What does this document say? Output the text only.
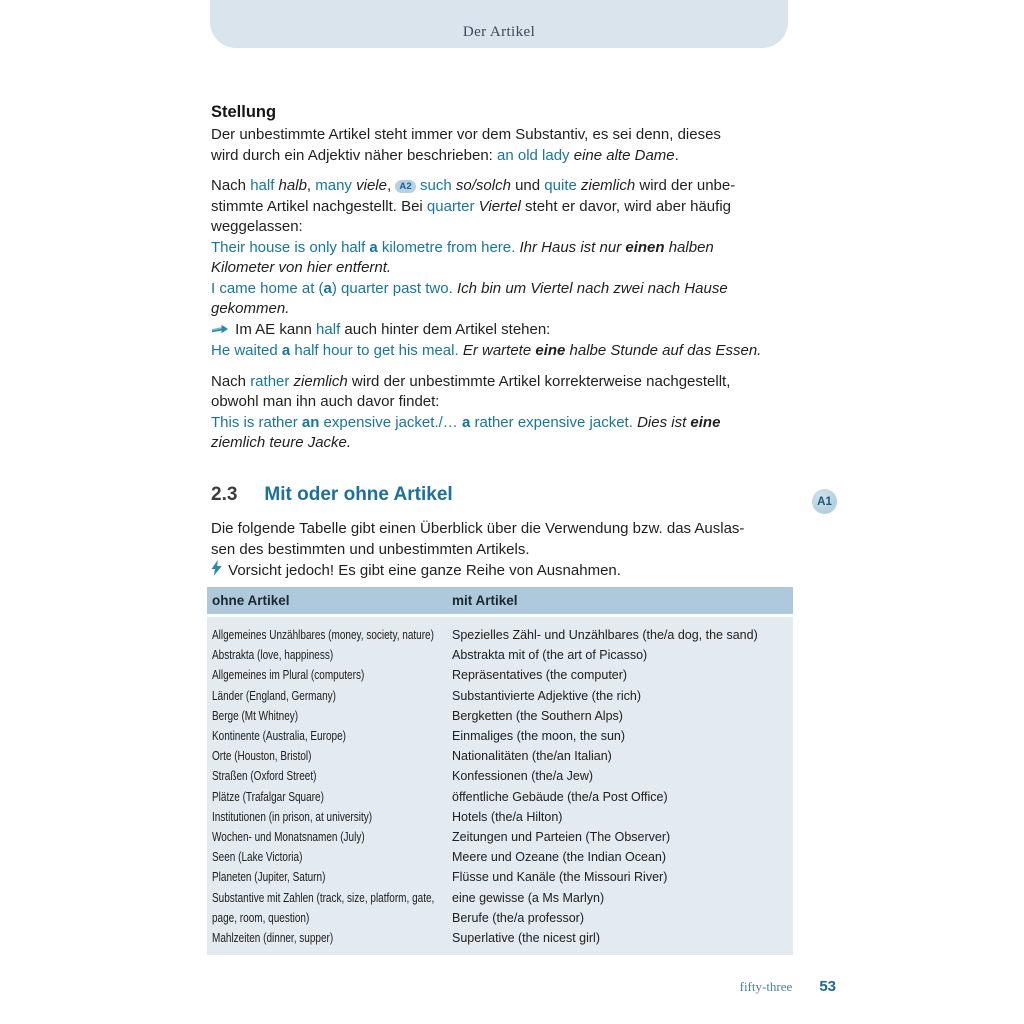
Der Artikel
Stellung
Der unbestimmte Artikel steht immer vor dem Substantiv, es sei denn, dieses
wird durch ein Adjektiv näher beschrieben: an old lady eine alte Dame.
Nach half halb, many viele, A2 such so/solch und quite ziemlich wird der unbe-
stimmte Artikel nachgestellt. Bei quarter Viertel steht er davor, wird aber häufig
weggelassen:
Their house is only half a kilometre from here. Ihr Haus ist nur einen halben
Kilometer von hier entfernt.
I came home at (a) quarter past two. Ich bin um Viertel nach zwei nach Hause
gekommen.
Im AE kann half auch hinter dem Artikel stehen:
He waited a half hour to get his meal. Er wartete eine halbe Stunde auf das Essen.
Nach rather ziemlich wird der unbestimmte Artikel korrekterweise nachgestellt,
obwohl man ihn auch davor findet:
This is rather an expensive jacket./… a rather expensive jacket. Dies ist eine
ziemlich teure Jacke.
2.3 Mit oder ohne Artikel
Die folgende Tabelle gibt einen Überblick über die Verwendung bzw. das Auslas-
sen des bestimmten und unbestimmten Artikels.
Vorsicht jedoch! Es gibt eine ganze Reihe von Ausnahmen.
A1
ohne Artikel	mit Artikel
Allgemeines Unzählbares (money, society, nature)
Abstrakta (love, happiness)
Allgemeines im Plural (computers)
Länder (England, Germany)
Berge (Mt Whitney)
Kontinente (Australia, Europe)
Orte (Houston, Bristol)
Straßen (Oxford Street)
Plätze (Trafalgar Square)
Institutionen (in prison, at university)
Wochen- und Monatsnamen (July)
Seen (Lake Victoria)
Planeten (Jupiter, Saturn)
Substantive mit Zahlen (track, size, platform, gate, page, room, question)
Mahlzeiten (dinner, supper)
Spezielles Zähl- und Unzählbares (the/a dog, the sand)
Abstrakta mit of (the art of Picasso)
Repräsentatives (the computer)
Substantivierte Adjektive (the rich)
Bergketten (the Southern Alps)
Einmaliges (the moon, the sun)
Nationalitäten (the/an Italian)
Konfessionen (the/a Jew)
öffentliche Gebäude (the/a Post Office)
Hotels (the/a Hilton)
Zeitungen und Parteien (The Observer)
Meere und Ozeane (the Indian Ocean)
Flüsse und Kanäle (the Missouri River)
eine gewisse (a Ms Marlyn)
Berufe (the/a professor)
Superlative (the nicest girl)
fifty-three 53
